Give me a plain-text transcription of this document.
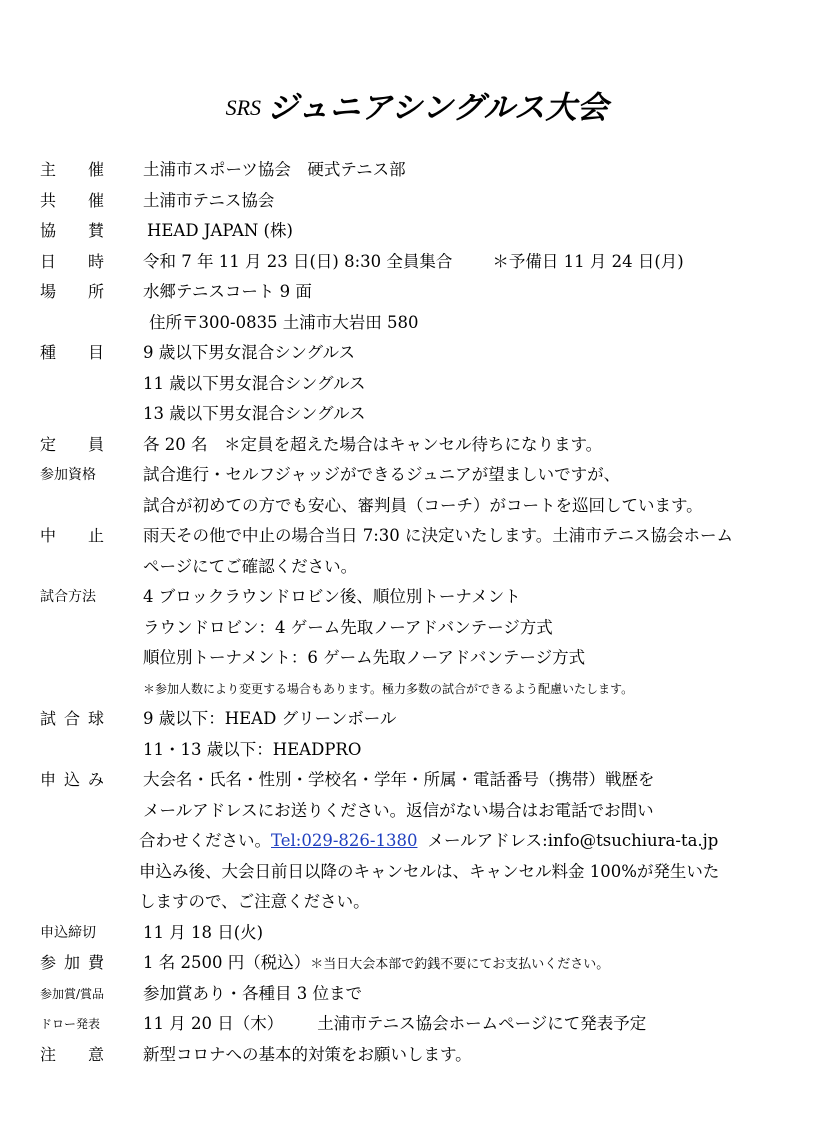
SRS ジュニアシングルス大会
主 催 土浦市スポーツ協会　硬式テニス部
共 催 土浦市テニス協会
協 賛	HEAD JAPAN (株)
日 時 令和 7 年 11 月 23 日(日) 8:30 全員集合 ＊予備日 11 月 24 日(月)
場 所 水郷テニスコート 9 面
住所〒300-0835 土浦市大岩田 580
種 目 9 歳以下男女混合シングルス
11 歳以下男女混合シングルス
13 歳以下男女混合シングルス
定 員 各 20 名　＊定員を超えた場合はキャンセル待ちになります。
参加資格	試合進行・セルフジャッジができるジュニアが望ましいですが、
試合が初めての方でも安心、審判員（コーチ）がコートを巡回しています。
中 止 雨天その他で中止の場合当日 7:30 に決定いたします。土浦市テニス協会ホーム
ページにてご確認ください。
試合方法	4 ブロックラウンドロビン後、順位別トーナメント
ラウンドロビン：4 ゲーム先取ノーアドバンテージ方式
順位別トーナメント：6 ゲーム先取ノーアドバンテージ方式
＊参加人数により変更する場合もあります。極力多数の試合ができるよう配慮いたします。
試 合 球 9 歳以下：HEAD グリーンボール
11・13 歳以下：HEADPRO
申 込 み 大会名・氏名・性別・学校名・学年・所属・電話番号（携帯）戦歴を
メールアドレスにお送りください。返信がない場合はお電話でお問い
合わせください。Tel:029-826-1380 メールアドレス:info@tsuchiura-ta.jp
申込み後、大会日前日以降のキャンセルは、キャンセル料金 100%が発生いた
しますので、ご注意ください。
申込締切	11 月 18 日(火)
参 加 費 1 名 2500 円（税込）＊当日大会本部で釣銭不要にてお支払いください。
参加賞/賞品 参加賞あり・各種目 3 位まで
ドロー発表	11 月 20 日（木） 土浦市テニス協会ホームページにて発表予定
注 意 新型コロナへの基本的対策をお願いします。
